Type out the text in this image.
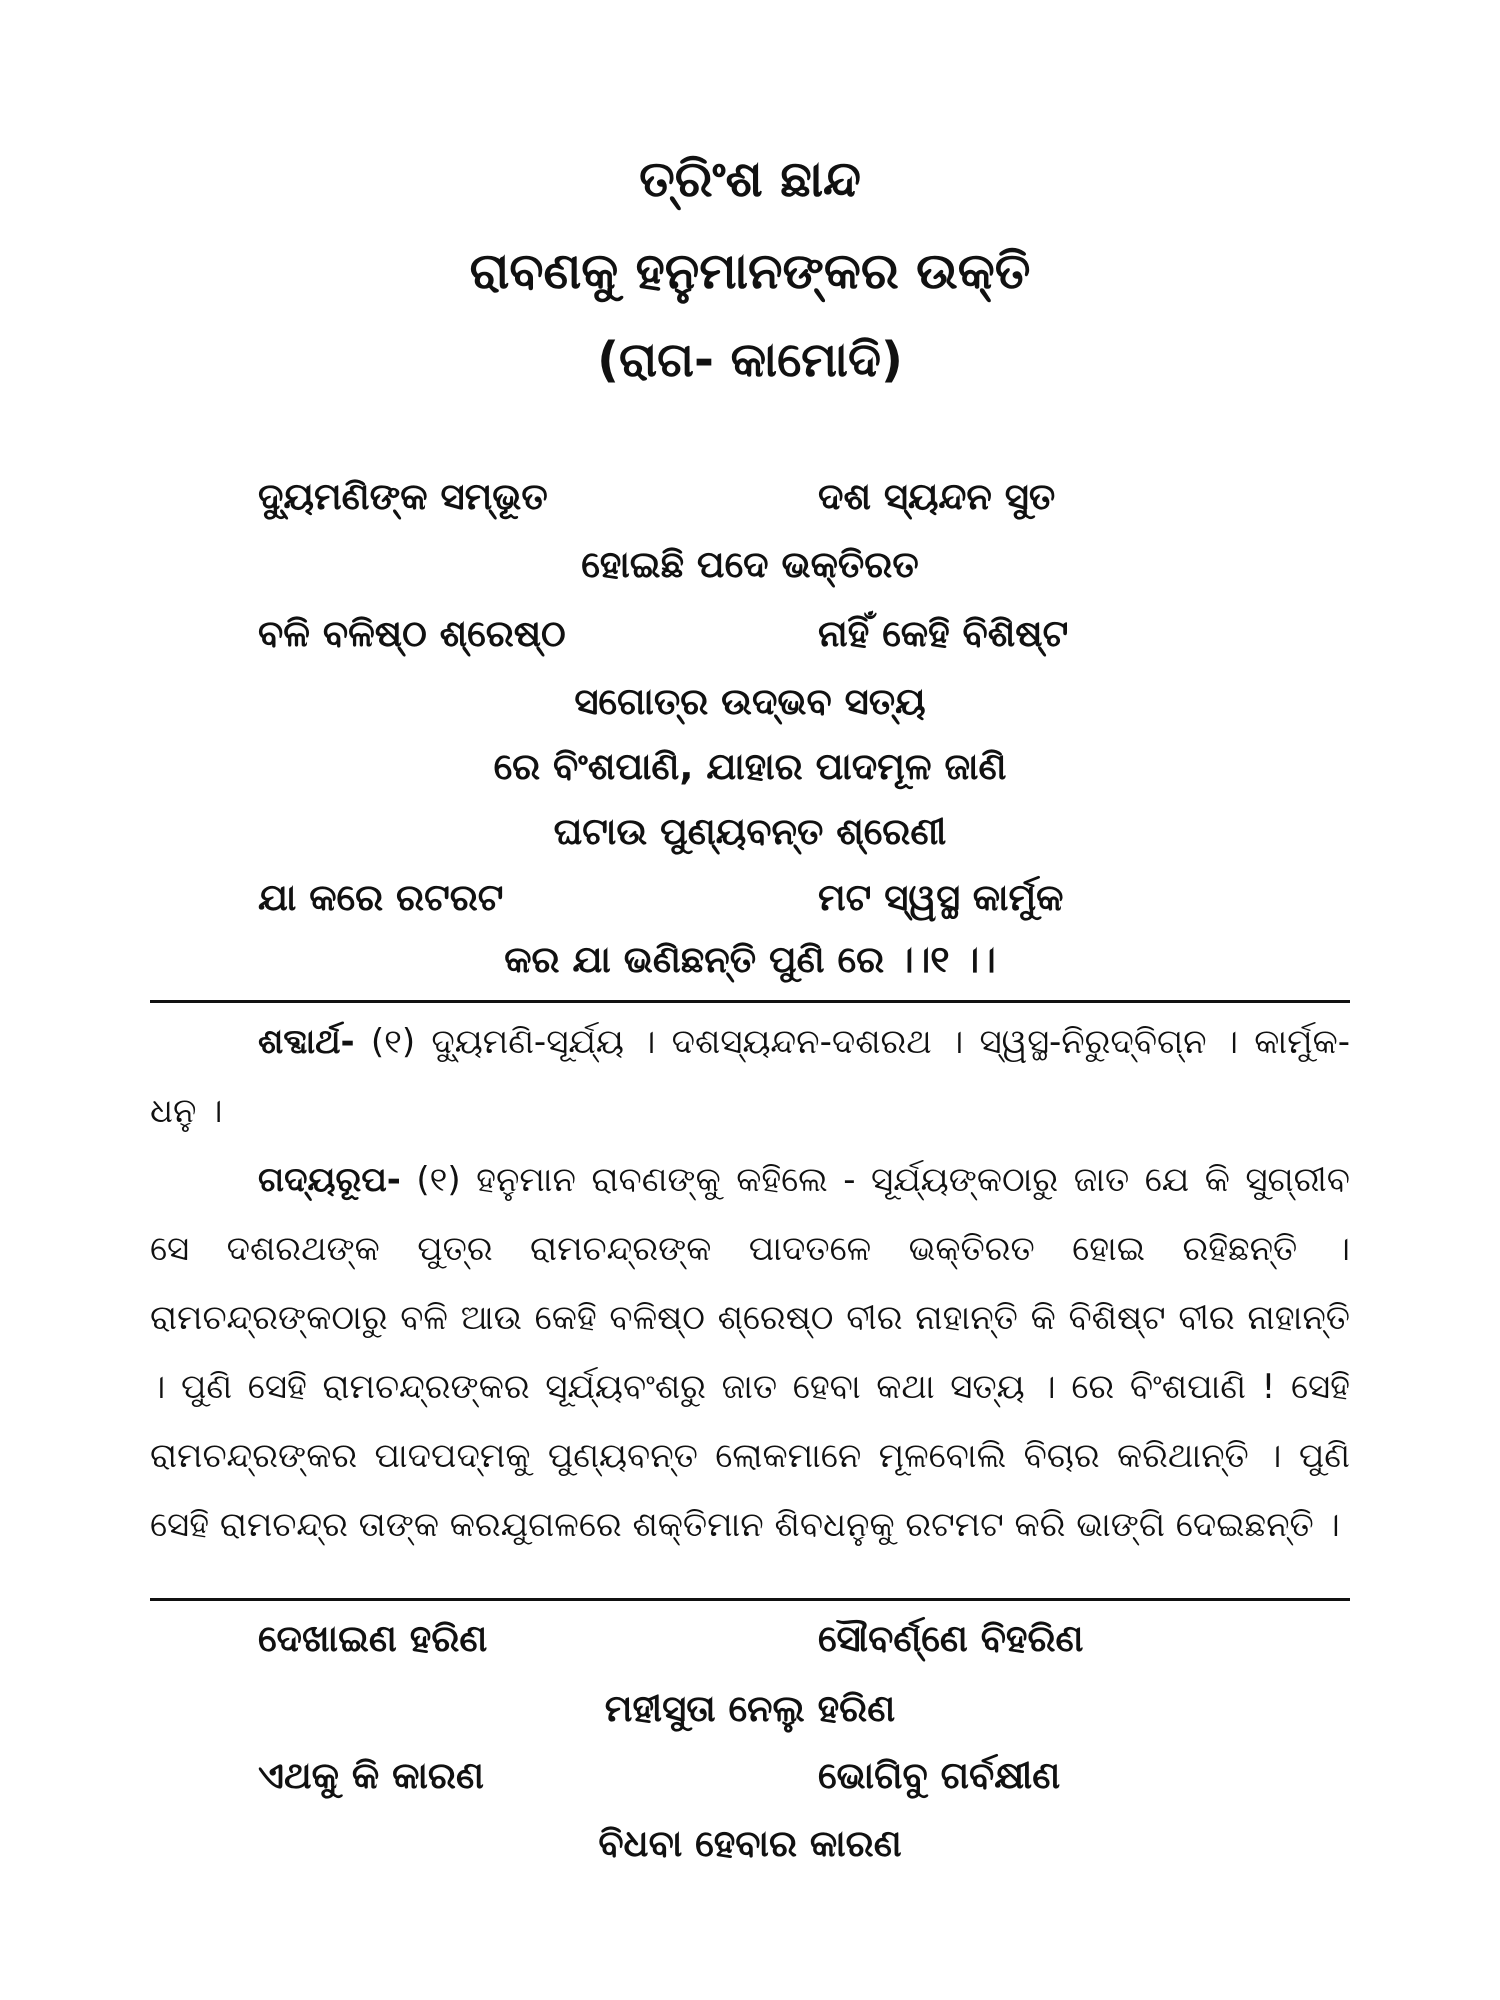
ତ୍ରିଂଶ ଛାନ୍ଦ
ରାବଣକୁ ହନୁମାନଙ୍କର ଉକ୍ତି
(ରାଗ- କାମୋଦି)
ଦ୍ୟୁମଣିଙ୍କ ସମ୍ଭୂତ	ଦଶ ସ୍ୟନ୍ଦନ ସୁତ
ହୋଇଛି ପଦେ ଭକ୍ତିରତ
ବଳି ବଳିଷ୍ଠ ଶ୍ରେଷ୍ଠ	ନାହିଁ କେହି ବିଶିଷ୍ଟ
ସଗୋତ୍ର ଉଦ୍‌ଭବ ସତ୍ୟ
ରେ ବିଂଶପାଣି, ଯାହାର ପାଦମୂଳ ଜାଣି
ଘଟାଉ ପୁଣ୍ୟବନ୍ତ ଶ୍ରେଣୀ
ଯା କରେ ରଟରଟ	ମଟ ସ୍ୱସ୍ଥ କାର୍ମୁକ
କର ଯା ଭଣିଛନ୍ତି ପୁଣି ରେ ।।୧ ।।

ଶବ୍ଦାର୍ଥ- (୧) ଦ୍ୟୁମଣି-ସୂର୍ଯ୍ୟ । ଦଶସ୍ୟନ୍ଦନ-ଦଶରଥ । ସ୍ୱସ୍ଥ-ନିରୁଦ୍‌ବିଗ୍ନ । କାର୍ମୁକ-ଧନୁ ।

ଗଦ୍ୟରୂପ- (୧) ହନୁମାନ ରାବଣଙ୍କୁ କହିଲେ - ସୂର୍ଯ୍ୟଙ୍କଠାରୁ ଜାତ ଯେ କି ସୁଗ୍ରୀବ ସେ ଦଶରଥଙ୍କ ପୁତ୍ର ରାମଚନ୍ଦ୍ରଙ୍କ ପାଦତଳେ ଭକ୍ତିରତ ହୋଇ ରହିଛନ୍ତି । ରାମଚନ୍ଦ୍ରଙ୍କଠାରୁ ବଳି ଆଉ କେହି ବଳିଷ୍ଠ ଶ୍ରେଷ୍ଠ ବୀର ନାହାନ୍ତି କି ବିଶିଷ୍ଟ ବୀର ନାହାନ୍ତି । ପୁଣି ସେହି ରାମଚନ୍ଦ୍ରଙ୍କର ସୂର୍ଯ୍ୟବଂଶରୁ ଜାତ ହେବା କଥା ସତ୍ୟ । ରେ ବିଂଶପାଣି ! ସେହି ରାମଚନ୍ଦ୍ରଙ୍କର ପାଦପଦ୍ମକୁ ପୁଣ୍ୟବନ୍ତ ଲୋକମାନେ ମୂଳବୋଲି ବିଚାର କରିଥାନ୍ତି । ପୁଣି ସେହି ରାମଚନ୍ଦ୍ର ତାଙ୍କ କରଯୁଗଳରେ ଶକ୍ତିମାନ ଶିବଧନୁକୁ ରଟମଟ କରି ଭାଙ୍ଗି ଦେଇଛନ୍ତି ।

ଦେଖାଇଣ ହରିଣ	ସୌବର୍ଣ୍ଣେ ବିହରିଣ
ମହୀସୁତା ନେଲୁ ହରିଣ
ଏଥକୁ କି କାରଣ	ଭୋଗିବୁ ଗର୍ବକ୍ଷୀଣ
ବିଧବା ହେବାର କାରଣ
